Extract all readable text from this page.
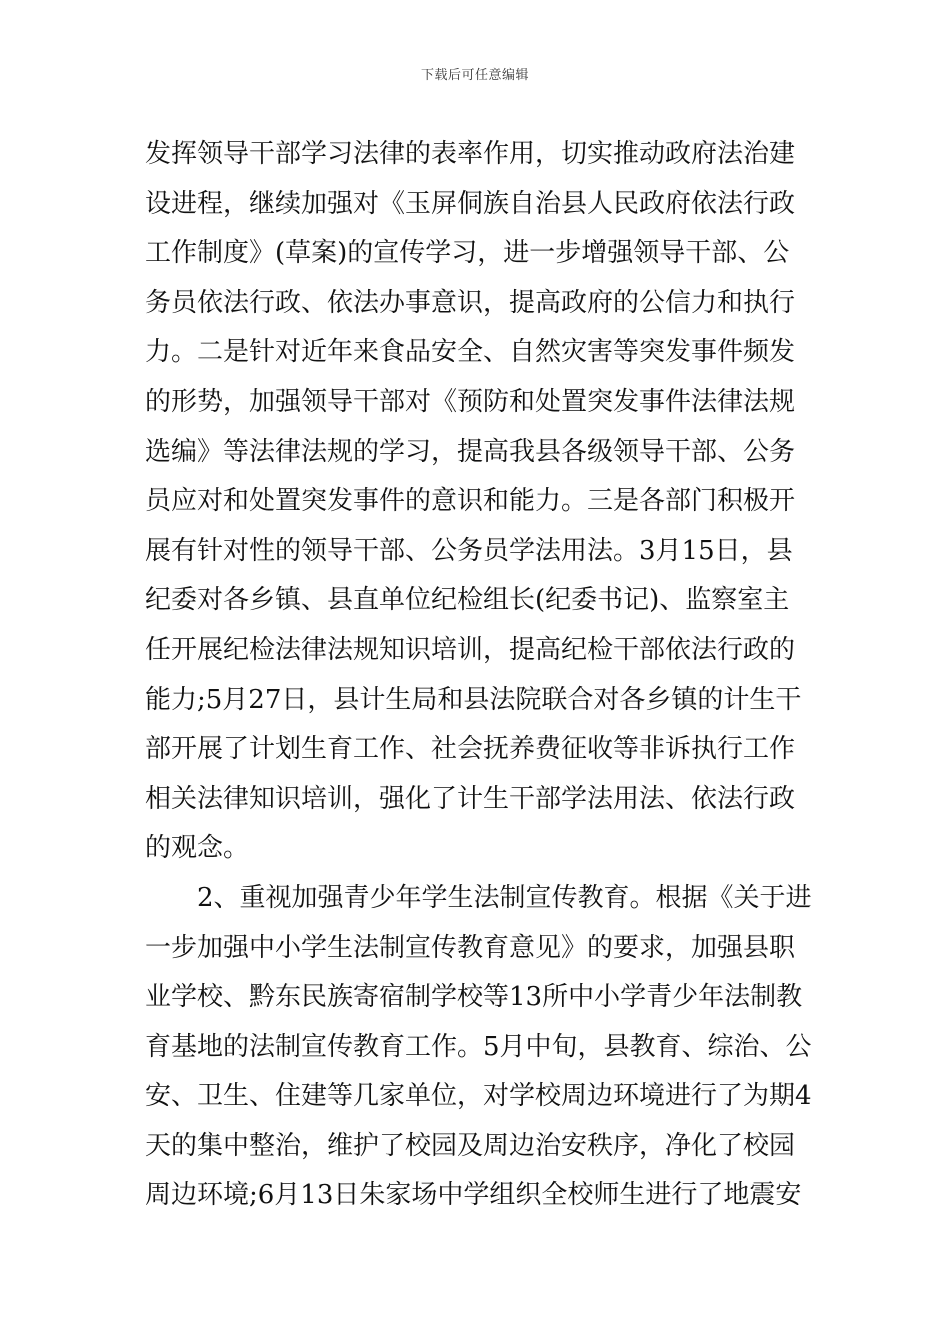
下载后可任意编辑
发挥领导干部学习法律的表率作用，切实推动政府法治建
设进程，继续加强对《玉屏侗族自治县人民政府依法行政
工作制度》(草案)的宣传学习，进一步增强领导干部、公
务员依法行政、依法办事意识，提高政府的公信力和执行
力。二是针对近年来食品安全、自然灾害等突发事件频发
的形势，加强领导干部对《预防和处置突发事件法律法规
选编》等法律法规的学习，提高我县各级领导干部、公务
员应对和处置突发事件的意识和能力。三是各部门积极开
展有针对性的领导干部、公务员学法用法。3月15日，县
纪委对各乡镇、县直单位纪检组长(纪委书记)、监察室主
任开展纪检法律法规知识培训，提高纪检干部依法行政的
能力;5月27日，县计生局和县法院联合对各乡镇的计生干
部开展了计划生育工作、社会抚养费征收等非诉执行工作
相关法律知识培训，强化了计生干部学法用法、依法行政
的观念。
2、重视加强青少年学生法制宣传教育。根据《关于进
一步加强中小学生法制宣传教育意见》的要求，加强县职
业学校、黔东民族寄宿制学校等13所中小学青少年法制教
育基地的法制宣传教育工作。5月中旬，县教育、综治、公
安、卫生、住建等几家单位，对学校周边环境进行了为期4
天的集中整治，维护了校园及周边治安秩序，净化了校园
周边环境;6月13日朱家场中学组织全校师生进行了地震安
